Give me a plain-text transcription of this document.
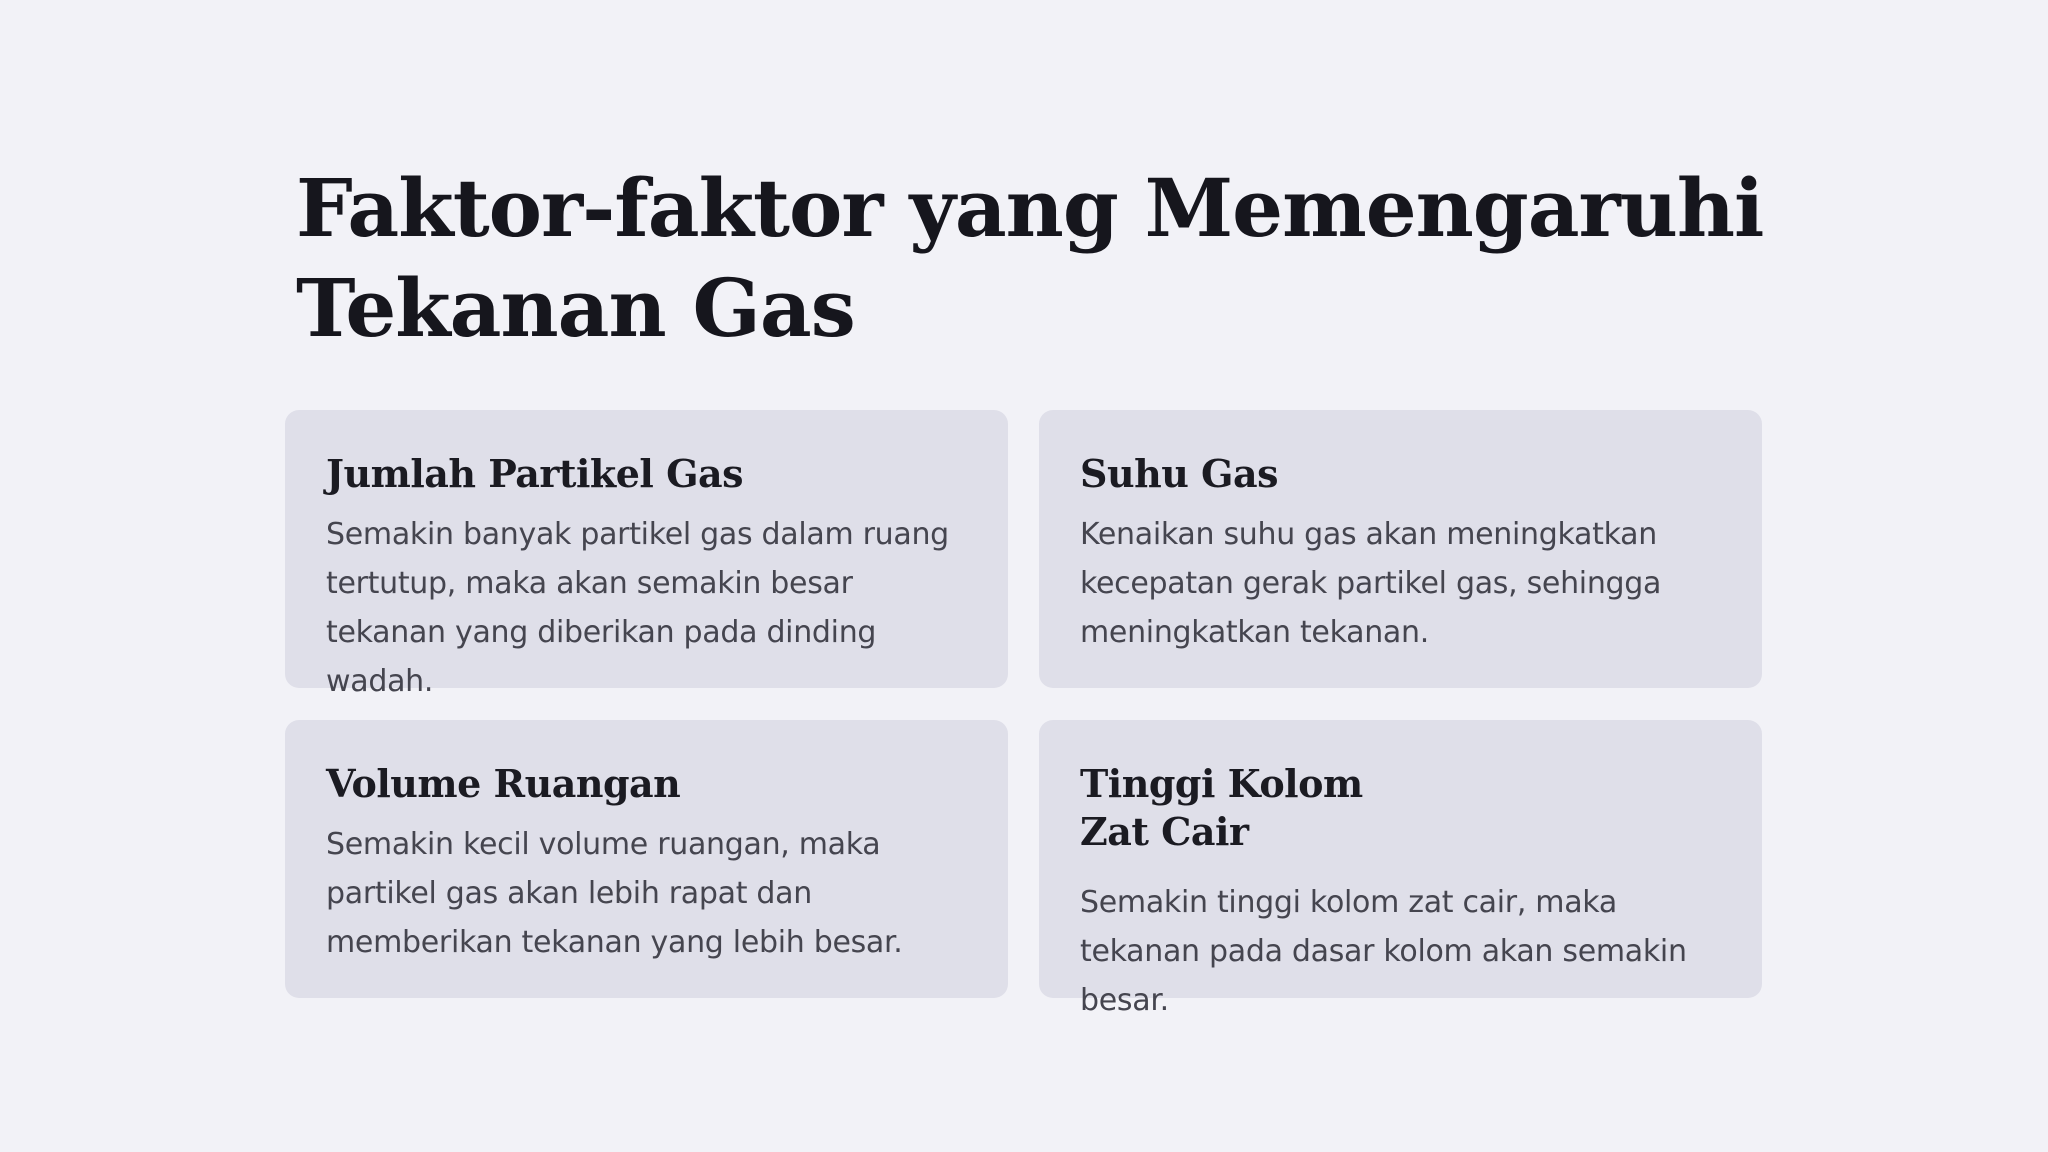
Faktor-faktor yang Memengaruhi Tekanan Gas
Jumlah Partikel Gas

Semakin banyak partikel gas dalam ruang tertutup, maka akan semakin besar tekanan yang diberikan pada dinding wadah.

Suhu Gas

Kenaikan suhu gas akan meningkatkan kecepatan gerak partikel gas, sehingga meningkatkan tekanan.

Volume Ruangan

Semakin kecil volume ruangan, maka partikel gas akan lebih rapat dan memberikan tekanan yang lebih besar.

Tinggi Kolom Zat Cair

Semakin tinggi kolom zat cair, maka tekanan pada dasar kolom akan semakin besar.
